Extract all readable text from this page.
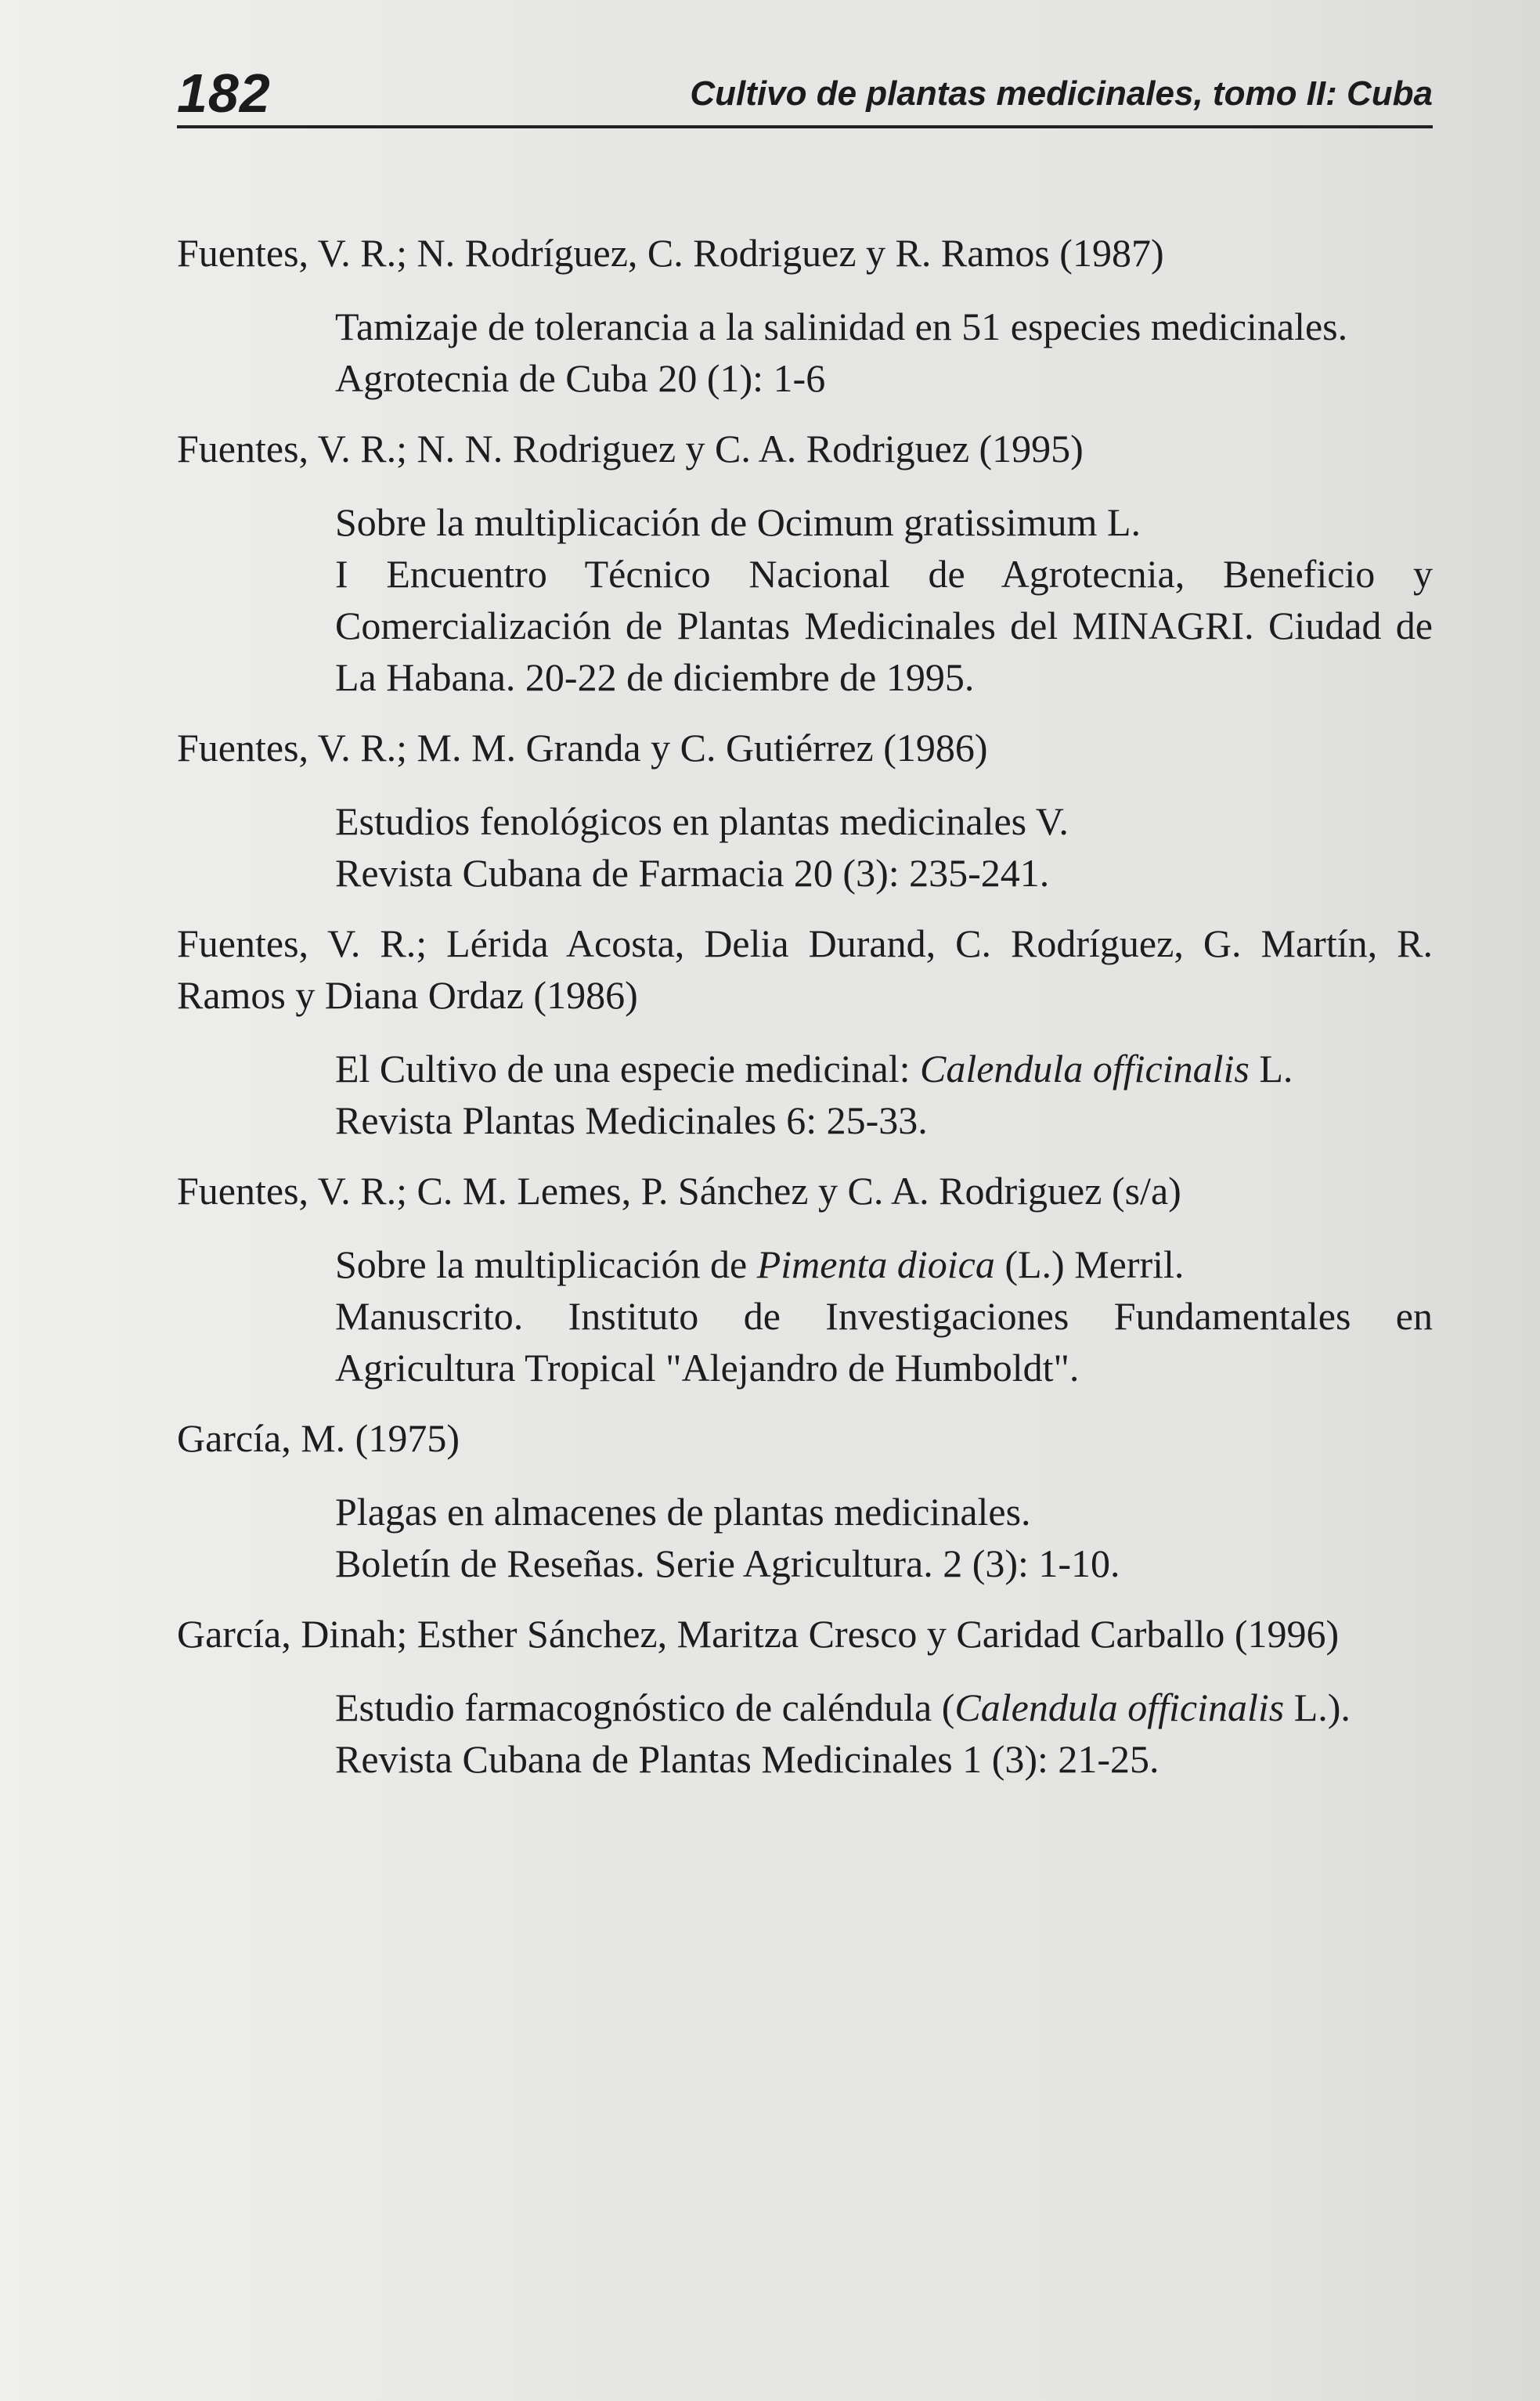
182	Cultivo de plantas medicinales, tomo II: Cuba

Fuentes, V. R.; N. Rodríguez, C. Rodriguez y R. Ramos (1987)

Tamizaje de tolerancia a la salinidad en 51 especies medicinales.

Agrotecnia de Cuba 20 (1): 1-6

Fuentes, V. R.; N. N. Rodriguez y C. A. Rodriguez (1995)

Sobre la multiplicación de Ocimum gratissimum L.

I Encuentro Técnico Nacional de Agrotecnia, Beneficio y Comercialización de Plantas Medicinales del MINAGRI. Ciudad de La Habana. 20-22 de diciembre de 1995.

Fuentes, V. R.; M. M. Granda y C. Gutiérrez (1986)

Estudios fenológicos en plantas medicinales V.

Revista Cubana de Farmacia 20 (3): 235-241.

Fuentes, V. R.; Lérida Acosta, Delia Durand, C. Rodríguez, G. Martín, R. Ramos y Diana Ordaz (1986)

El Cultivo de una especie medicinal: Calendula officinalis L.

Revista Plantas Medicinales 6: 25-33.

Fuentes, V. R.; C. M. Lemes, P. Sánchez y C. A. Rodriguez (s/a)

Sobre la multiplicación de Pimenta dioica (L.) Merril.

Manuscrito. Instituto de Investigaciones Fundamentales en Agricultura Tropical "Alejandro de Humboldt".

García, M. (1975)

Plagas en almacenes de plantas medicinales.

Boletín de Reseñas. Serie Agricultura. 2 (3): 1-10.

García, Dinah; Esther Sánchez, Maritza Cresco y Caridad Carballo (1996)

Estudio farmacognóstico de caléndula (Calendula officinalis L.).

Revista Cubana de Plantas Medicinales 1 (3): 21-25.
